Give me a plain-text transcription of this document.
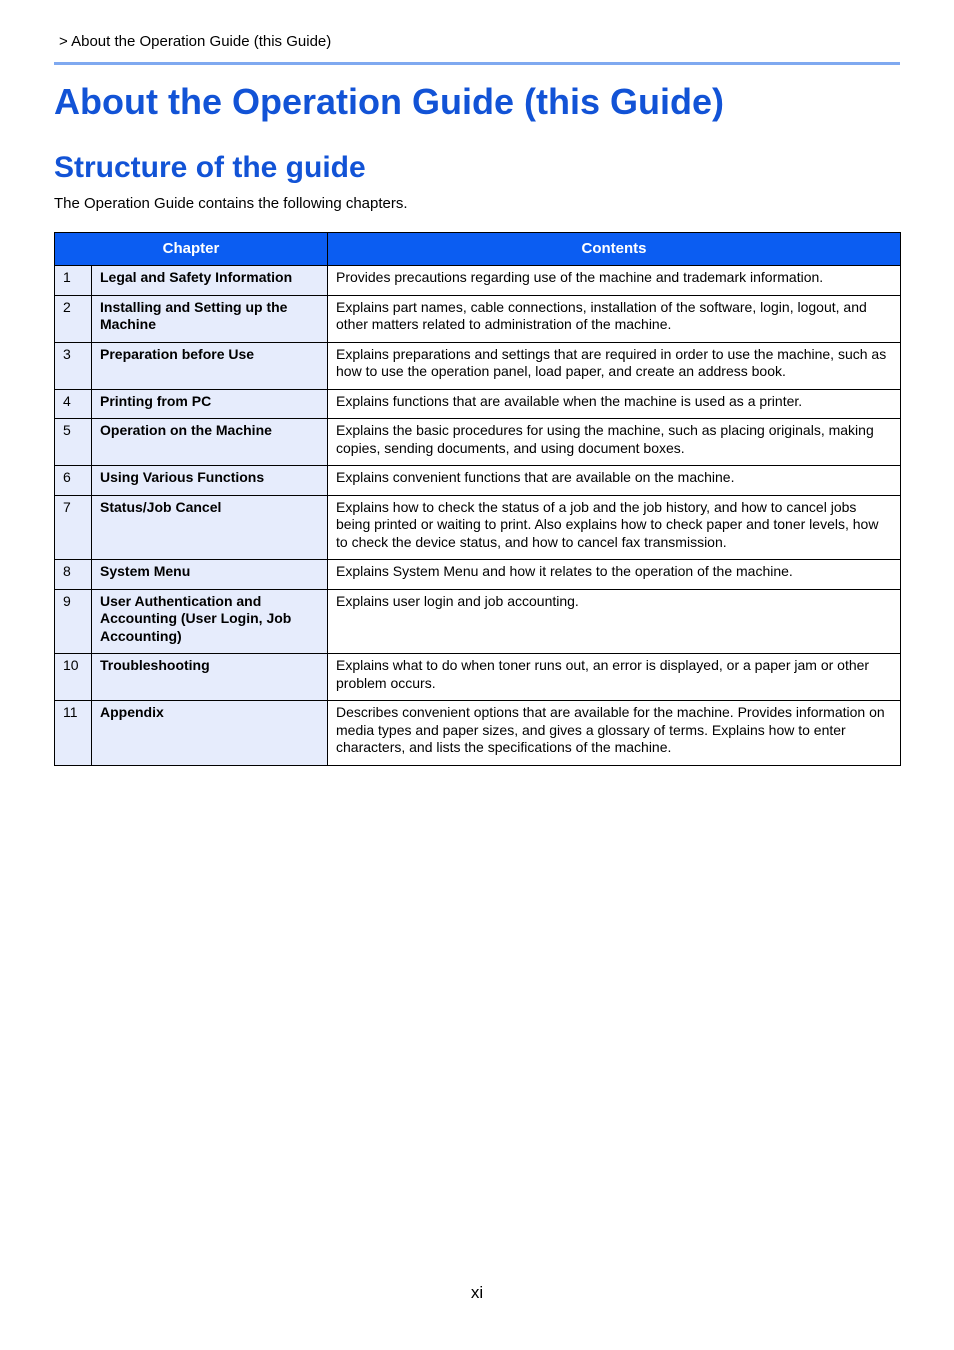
> About the Operation Guide (this Guide)
About the Operation Guide (this Guide)
Structure of the guide
The Operation Guide contains the following chapters.
Chapter		Contents
1	Legal and Safety Information	Provides precautions regarding use of the machine and trademark information.
2	Installing and Setting up the Machine	Explains part names, cable connections, installation of the software, login, logout, and other matters related to administration of the machine.
3	Preparation before Use	Explains preparations and settings that are required in order to use the machine, such as how to use the operation panel, load paper, and create an address book.
4	Printing from PC	Explains functions that are available when the machine is used as a printer.
5	Operation on the Machine	Explains the basic procedures for using the machine, such as placing originals, making copies, sending documents, and using document boxes.
6	Using Various Functions	Explains convenient functions that are available on the machine.
7	Status/Job Cancel	Explains how to check the status of a job and the job history, and how to cancel jobs being printed or waiting to print. Also explains how to check paper and toner levels, how to check the device status, and how to cancel fax transmission.
8	System Menu	Explains System Menu and how it relates to the operation of the machine.
9	User Authentication and Accounting (User Login, Job Accounting)	Explains user login and job accounting.
10	Troubleshooting	Explains what to do when toner runs out, an error is displayed, or a paper jam or other problem occurs.
11	Appendix	Describes convenient options that are available for the machine. Provides information on media types and paper sizes, and gives a glossary of terms. Explains how to enter characters, and lists the specifications of the machine.
xi
